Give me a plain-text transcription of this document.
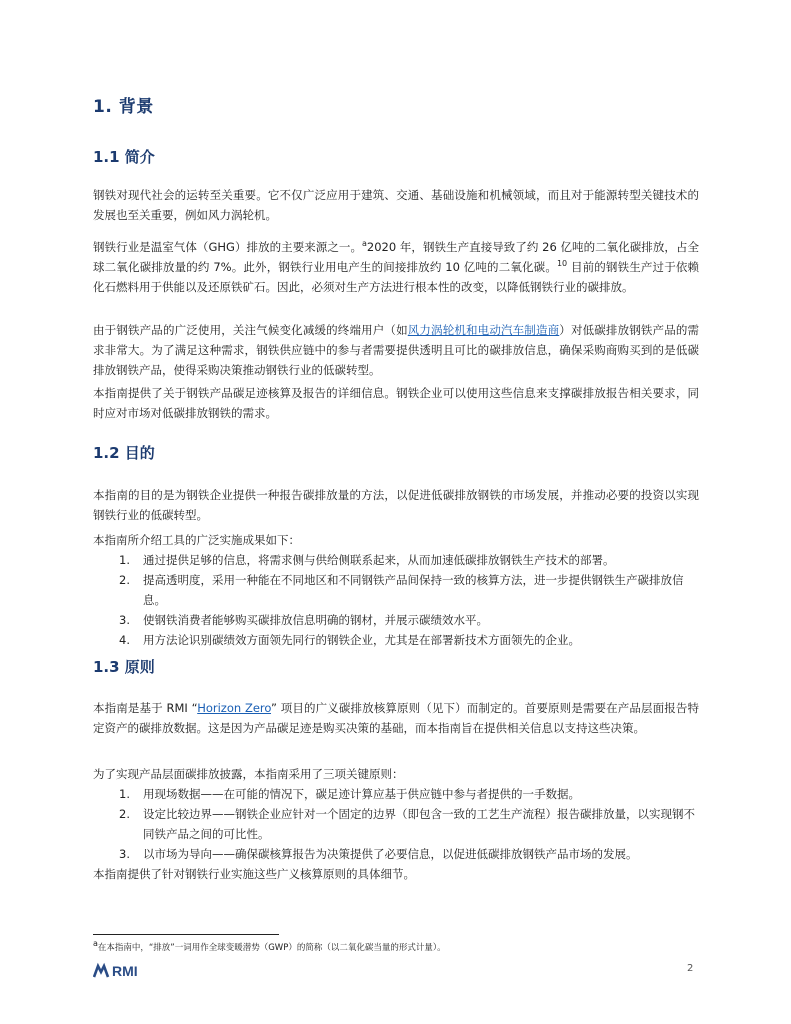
1. 背景
1.1 简介
钢铁对现代社会的运转至关重要。它不仅广泛应用于建筑、交通、基础设施和机械领域，而且对于能源转型关键技术的发展也至关重要，例如风力涡轮机。
钢铁行业是温室气体（GHG）排放的主要来源之一。$^a$2020 年，钢铁生产直接导致了约 26 亿吨的二氧化碳排放，占全球二氧化碳排放量的约 7%。此外，钢铁行业用电产生的间接排放约 10 亿吨的二氧化碳。$^{10}$ 目前的钢铁生产过于依赖化石燃料用于供能以及还原铁矿石。因此，必须对生产方法进行根本性的改变，以降低钢铁行业的碳排放。
由于钢铁产品的广泛使用，关注气候变化减缓的终端用户（如风力涡轮机和电动汽车制造商）对低碳排放钢铁产品的需求非常大。为了满足这种需求，钢铁供应链中的参与者需要提供透明且可比的碳排放信息，确保采购商购买到的是低碳排放钢铁产品，使得采购决策推动钢铁行业的低碳转型。
本指南提供了关于钢铁产品碳足迹核算及报告的详细信息。钢铁企业可以使用这些信息来支撑碳排放报告相关要求，同时应对市场对低碳排放钢铁的需求。
1.2 目的
本指南的目的是为钢铁企业提供一种报告碳排放量的方法，以促进低碳排放钢铁的市场发展，并推动必要的投资以实现钢铁行业的低碳转型。
本指南所介绍工具的广泛实施成果如下：
1. 通过提供足够的信息，将需求侧与供给侧联系起来，从而加速低碳排放钢铁生产技术的部署。
2. 提高透明度，采用一种能在不同地区和不同钢铁产品间保持一致的核算方法，进一步提供钢铁生产碳排放信息。
3. 使钢铁消费者能够购买碳排放信息明确的钢材，并展示碳绩效水平。
4. 用方法论识别碳绩效方面领先同行的钢铁企业，尤其是在部署新技术方面领先的企业。
1.3 原则
本指南是基于 RMI “Horizon Zero” 项目的广义碳排放核算原则（见下）而制定的。首要原则是需要在产品层面报告特定资产的碳排放数据。这是因为产品碳足迹是购买决策的基础，而本指南旨在提供相关信息以支持这些决策。
为了实现产品层面碳排放披露，本指南采用了三项关键原则：
1. 用现场数据——在可能的情况下，碳足迹计算应基于供应链中参与者提供的一手数据。
2. 设定比较边界——钢铁企业应针对一个固定的边界（即包含一致的工艺生产流程）报告碳排放量，以实现钢不同铁产品之间的可比性。
3. 以市场为导向——确保碳核算报告为决策提供了必要信息，以促进低碳排放钢铁产品市场的发展。
本指南提供了针对钢铁行业实施这些广义核算原则的具体细节。
$^a$在本指南中，“排放”一词用作全球变暖潜势（GWP）的简称（以二氧化碳当量的形式计量）。
RMI	2
